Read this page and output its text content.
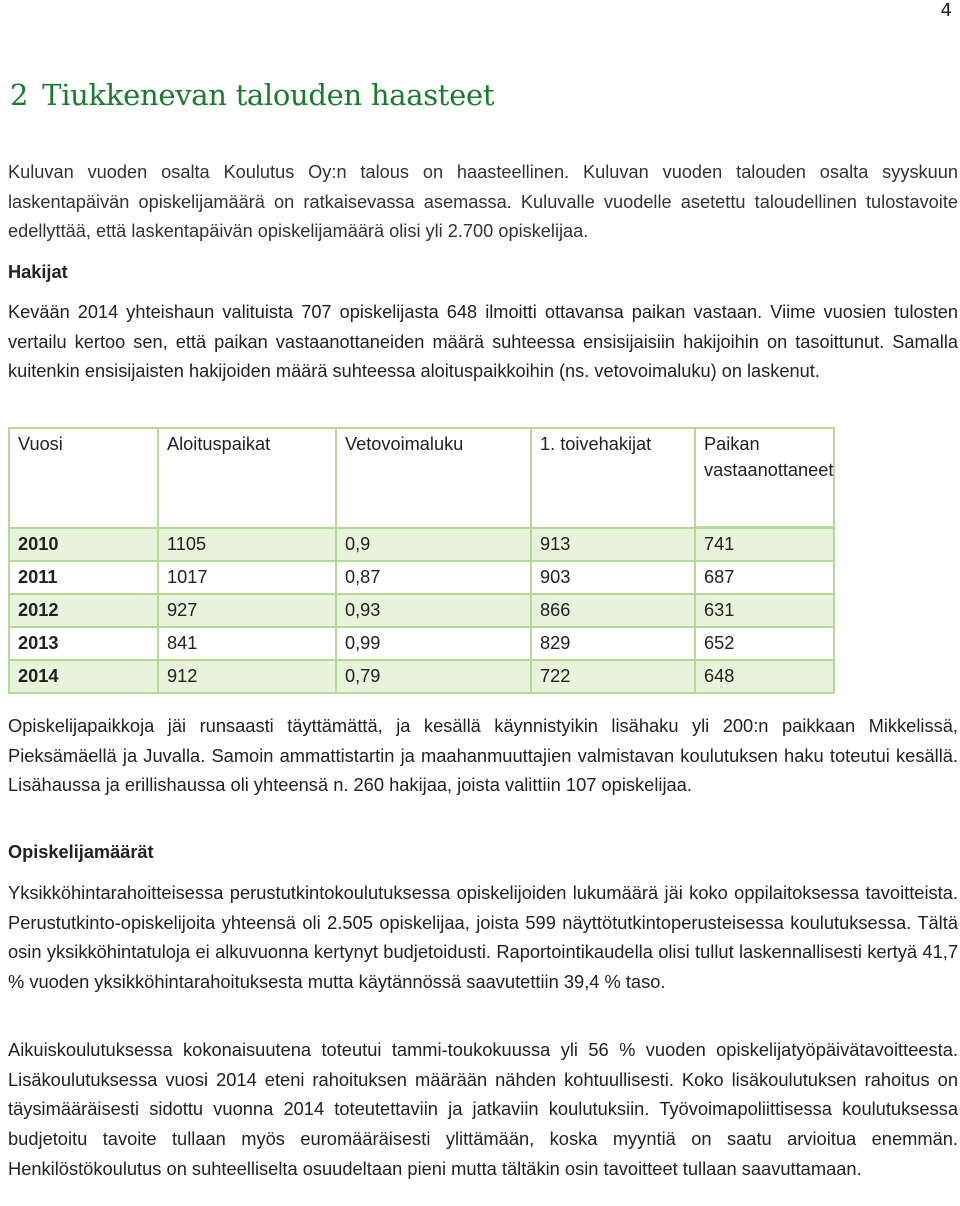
4
2 Tiukkenevan talouden haasteet

Kuluvan vuoden osalta Koulutus Oy:n talous on haasteellinen. Kuluvan vuoden talouden osalta syyskuun laskentapäivän opiskelijamäärä on ratkaisevassa asemassa. Kuluvalle vuodelle asetettu taloudellinen tulostavoite edellyttää, että laskentapäivän opiskelijamäärä olisi yli 2.700 opiskelijaa.

Hakijat

Kevään 2014 yhteishaun valituista 707 opiskelijasta 648 ilmoitti ottavansa paikan vastaan. Viime vuosien tulosten vertailu kertoo sen, että paikan vastaanottaneiden määrä suhteessa ensisijaisiin hakijoihin on tasoittunut. Samalla kuitenkin ensisijaisten hakijoiden määrä suhteessa aloituspaikkoihin (ns. vetovoimaluku) on laskenut.

Vuosi	Aloituspaikat	Vetovoimaluku	1. toivehakijat	Paikan vastaanottaneet
2010	1105	0,9	913	741
2011	1017	0,87	903	687
2012	927	0,93	866	631
2013	841	0,99	829	652
2014	912	0,79	722	648

Opiskelijapaikkoja jäi runsaasti täyttämättä, ja kesällä käynnistyikin lisähaku yli 200:n paikkaan Mikkelissä, Pieksämäellä ja Juvalla. Samoin ammattistartin ja maahanmuuttajien valmistavan koulutuksen haku toteutui kesällä. Lisähaussa ja erillishaussa oli yhteensä n. 260 hakijaa, joista valittiin 107 opiskelijaa.

Opiskelijamäärät

Yksikköhintarahoitteisessa perustutkintokoulutuksessa opiskelijoiden lukumäärä jäi koko oppilaitoksessa tavoitteista. Perustutkinto-opiskelijoita yhteensä oli 2.505 opiskelijaa, joista 599 näyttötutkintoperusteisessa koulutuksessa. Tältä osin yksikköhintatuloja ei alkuvuonna kertynyt budjetoidusti. Raportointikaudella olisi tullut laskennallisesti kertyä 41,7 % vuoden yksikköhintarahoituksesta mutta käytännössä saavutettiin 39,4 % taso.

Aikuiskoulutuksessa kokonaisuutena toteutui tammi-toukokuussa yli 56 % vuoden opiskelijatyöpäivätavoitteesta. Lisäkoulutuksessa vuosi 2014 eteni rahoituksen määrään nähden kohtuullisesti. Koko lisäkoulutuksen rahoitus on täysimääräisesti sidottu vuonna 2014 toteutettaviin ja jatkaviin koulutuksiin. Työvoimapoliittisessa koulutuksessa budjetoitu tavoite tullaan myös euromääräisesti ylittämään, koska myyntiä on saatu arvioitua enemmän. Henkilöstökoulutus on suhteelliselta osuudeltaan pieni mutta tältäkin osin tavoitteet tullaan saavuttamaan.
